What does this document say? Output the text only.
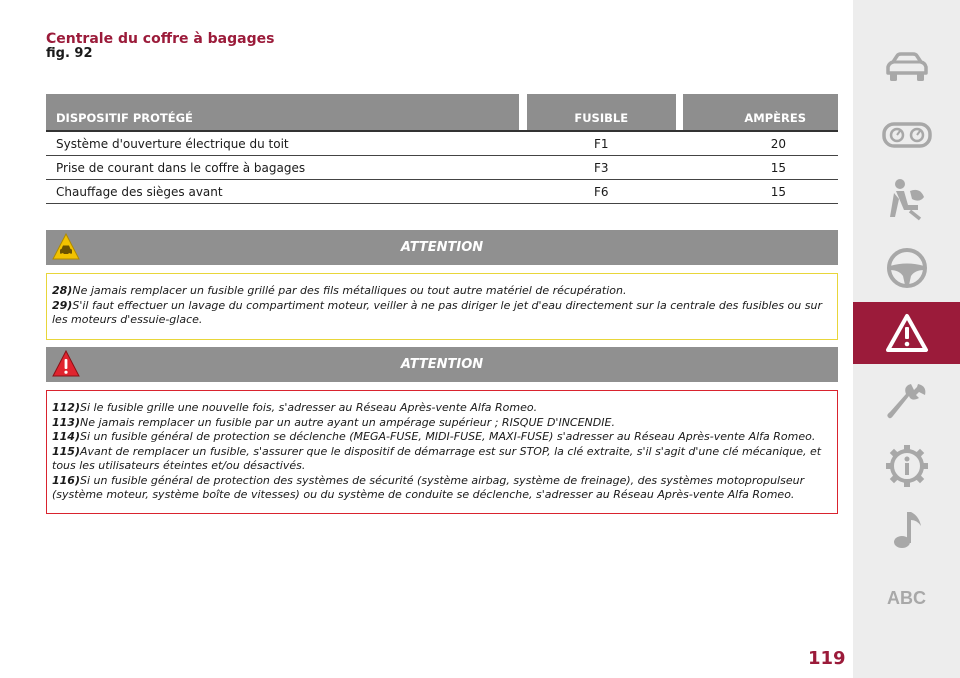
Centrale du coffre à bagages
fig. 92
DISPOSITIF PROTÉGÉ		FUSIBLE		AMPÈRES
Système d'ouverture électrique du toit		F1		20
Prise de courant dans le coffre à bagages		F3		15
Chauffage des sièges avant		F6		15
ATTENTION

28)Ne jamais remplacer un fusible grillé par des fils métalliques ou tout autre matériel de récupération.

29)S'il faut effectuer un lavage du compartiment moteur, veiller à ne pas diriger le jet d'eau directement sur la centrale des fusibles ou sur les moteurs d'essuie-glace.

ATTENTION

112)Si le fusible grille une nouvelle fois, s'adresser au Réseau Après-vente Alfa Romeo.

113)Ne jamais remplacer un fusible par un autre ayant un ampérage supérieur ; RISQUE D'INCENDIE.

114)Si un fusible général de protection se déclenche (MEGA-FUSE, MIDI-FUSE, MAXI-FUSE) s'adresser au Réseau Après-vente Alfa Romeo.

115)Avant de remplacer un fusible, s'assurer que le dispositif de démarrage est sur STOP, la clé extraite, s'il s'agit d'une clé mécanique, et tous les utilisateurs éteintes et/ou désactivés.

116)Si un fusible général de protection des systèmes de sécurité (système airbag, système de freinage), des systèmes motopropulseur (système moteur, système boîte de vitesses) ou du système de conduite se déclenche, s'adresser au Réseau Après-vente Alfa Romeo.

ABC
119
